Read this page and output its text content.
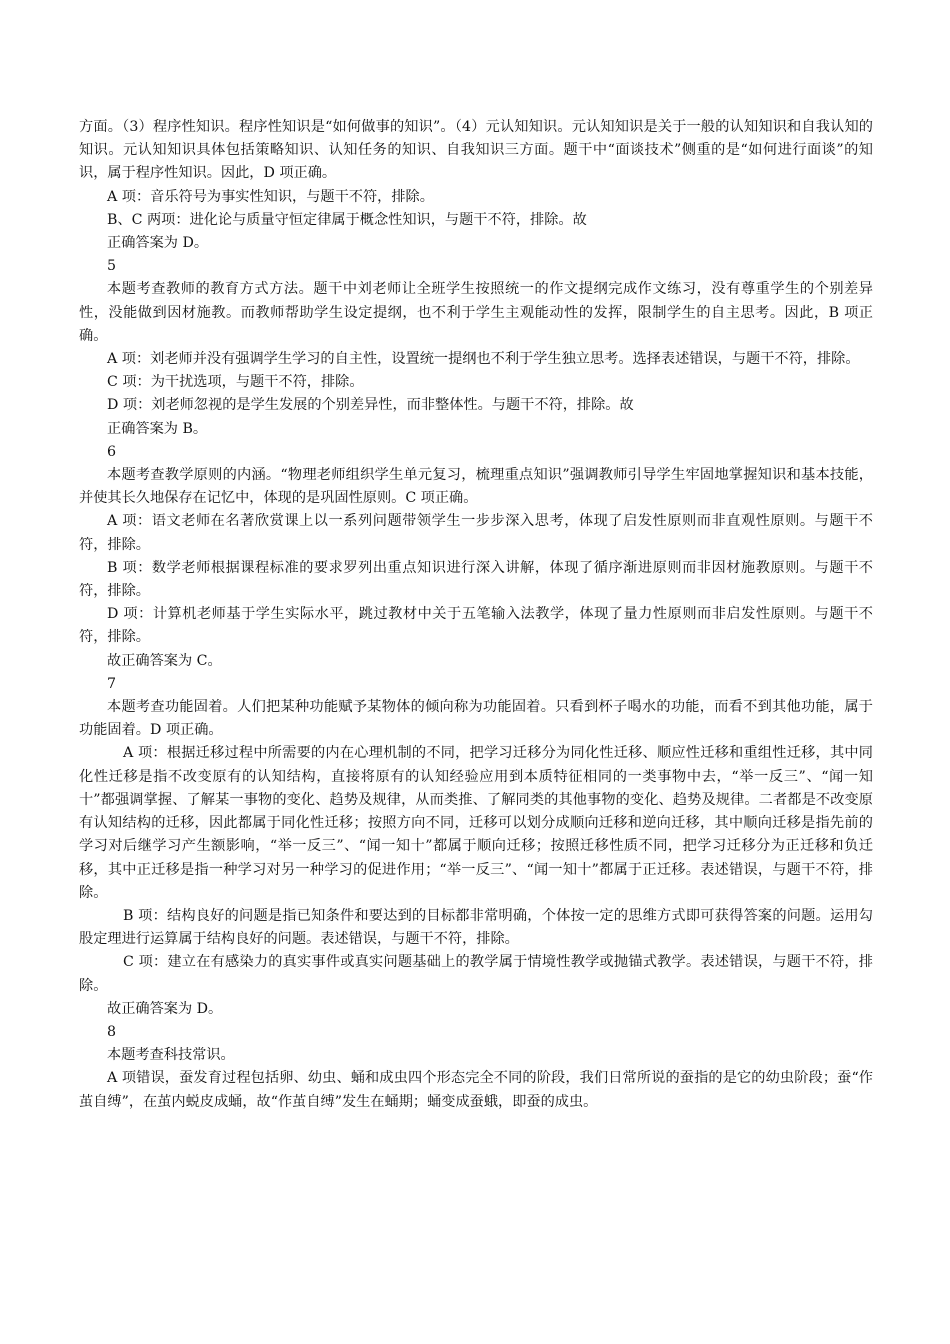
方面。（3）程序性知识。程序性知识是“如何做事的知识”。（4）元认知知识。元认知知识是关于一般的认知知识和自我认知的知识。元认知知识具体包括策略知识、认知任务的知识、自我知识三方面。题干中“面谈技术”侧重的是“如何进行面谈”的知识，属于程序性知识。因此，D 项正确。

A 项：音乐符号为事实性知识，与题干不符，排除。

B、C 两项：进化论与质量守恒定律属于概念性知识，与题干不符，排除。故

正确答案为 D。

5

本题考查教师的教育方式方法。题干中刘老师让全班学生按照统一的作文提纲完成作文练习，没有尊重学生的个别差异性，没能做到因材施教。而教师帮助学生设定提纲，也不利于学生主观能动性的发挥，限制学生的自主思考。因此，B 项正确。

A 项：刘老师并没有强调学生学习的自主性，设置统一提纲也不利于学生独立思考。选择表述错误，与题干不符，排除。

C 项：为干扰选项，与题干不符，排除。

D 项：刘老师忽视的是学生发展的个别差异性，而非整体性。与题干不符，排除。故

正确答案为 B。

6

本题考查教学原则的内涵。“物理老师组织学生单元复习，梳理重点知识”强调教师引导学生牢固地掌握知识和基本技能，并使其长久地保存在记忆中，体现的是巩固性原则。C 项正确。

A 项：语文老师在名著欣赏课上以一系列问题带领学生一步步深入思考，体现了启发性原则而非直观性原则。与题干不符，排除。

B 项：数学老师根据课程标准的要求罗列出重点知识进行深入讲解，体现了循序渐进原则而非因材施教原则。与题干不符，排除。

D 项：计算机老师基于学生实际水平，跳过教材中关于五笔输入法教学，体现了量力性原则而非启发性原则。与题干不符，排除。

故正确答案为 C。

7

本题考查功能固着。人们把某种功能赋予某物体的倾向称为功能固着。只看到杯子喝水的功能，而看不到其他功能，属于功能固着。D 项正确。

A 项：根据迁移过程中所需要的内在心理机制的不同，把学习迁移分为同化性迁移、顺应性迁移和重组性迁移，其中同化性迁移是指不改变原有的认知结构，直接将原有的认知经验应用到本质特征相同的一类事物中去，“举一反三”、“闻一知十”都强调掌握、了解某一事物的变化、趋势及规律，从而类推、了解同类的其他事物的变化、趋势及规律。二者都是不改变原有认知结构的迁移，因此都属于同化性迁移；按照方向不同，迁移可以划分成顺向迁移和逆向迁移，其中顺向迁移是指先前的学习对后继学习产生额影响，“举一反三”、“闻一知十”都属于顺向迁移；按照迁移性质不同，把学习迁移分为正迁移和负迁移，其中正迁移是指一种学习对另一种学习的促进作用；“举一反三”、“闻一知十”都属于正迁移。表述错误，与题干不符，排除。

B 项：结构良好的问题是指已知条件和要达到的目标都非常明确，个体按一定的思维方式即可获得答案的问题。运用勾股定理进行运算属于结构良好的问题。表述错误，与题干不符，排除。

C 项：建立在有感染力的真实事件或真实问题基础上的教学属于情境性教学或抛锚式教学。表述错误，与题干不符，排除。

故正确答案为 D。

8

本题考查科技常识。

A 项错误，蚕发育过程包括卵、幼虫、蛹和成虫四个形态完全不同的阶段，我们日常所说的蚕指的是它的幼虫阶段；蚕“作茧自缚”，在茧内蜕皮成蛹，故“作茧自缚”发生在蛹期；蛹变成蚕蛾，即蚕的成虫。
